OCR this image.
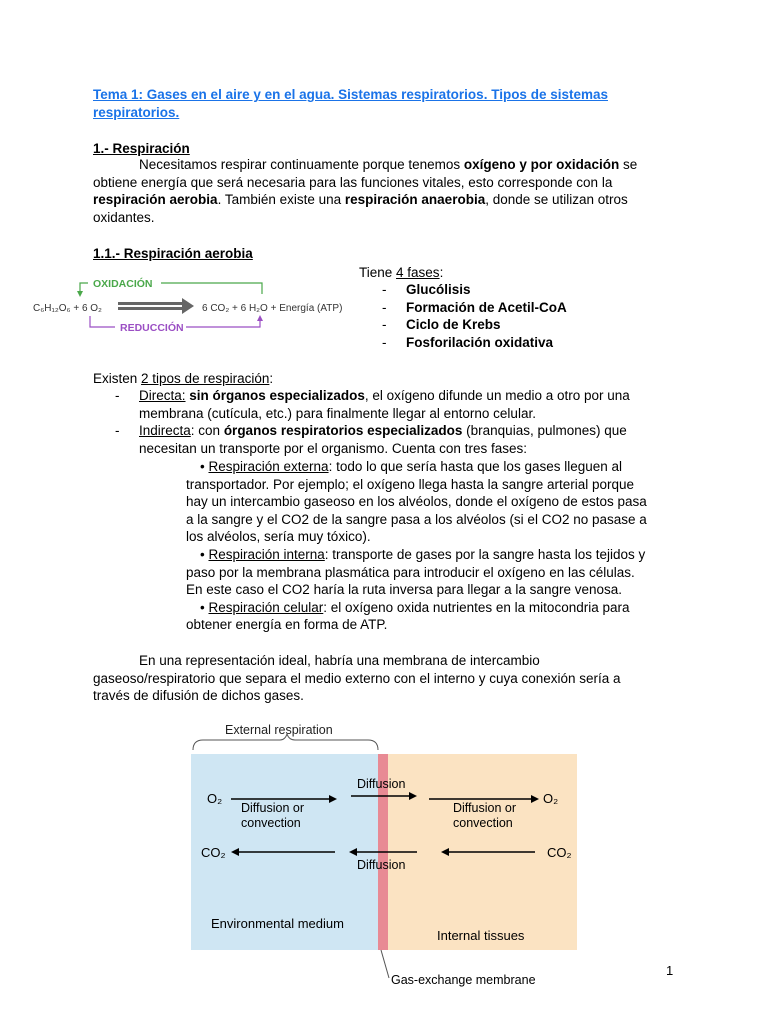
Tema 1: Gases en el aire y en el agua. Sistemas respiratorios. Tipos de sistemas respiratorios.
1.- Respiración
Necesitamos respirar continuamente porque tenemos oxígeno y por oxidación se
obtiene energía que será necesaria para las funciones vitales, esto corresponde con la
respiración aerobia. También existe una respiración anaerobia, donde se utilizan otros
oxidantes.
1.1.- Respiración aerobia
OXIDACIÓN
C₆H₁₂O₆ + 6 O₂	6 CO₂ + 6 H₂O + Energía (ATP)
REDUCCIÓN
Tiene 4 fases:
- Glucólisis
- Formación de Acetil-CoA
- Ciclo de Krebs
- Fosforilación oxidativa
Existen 2 tipos de respiración:
-	Directa: sin órganos especializados, el oxígeno difunde un medio a otro por una
membrana (cutícula, etc.) para finalmente llegar al entorno celular.
-	Indirecta: con órganos respiratorios especializados (branquias, pulmones) que
necesitan un transporte por el organismo. Cuenta con tres fases:
• Respiración externa: todo lo que sería hasta que los gases lleguen al
transportador. Por ejemplo; el oxígeno llega hasta la sangre arterial porque
hay un intercambio gaseoso en los alvéolos, donde el oxígeno de estos pasa
a la sangre y el CO2 de la sangre pasa a los alvéolos (si el CO2 no pasase a
los alvéolos, sería muy tóxico).
• Respiración interna: transporte de gases por la sangre hasta los tejidos y
paso por la membrana plasmática para introducir el oxígeno en las células.
En este caso el CO2 haría la ruta inversa para llegar a la sangre venosa.
• Respiración celular: el oxígeno oxida nutrientes en la mitocondria para
obtener energía en forma de ATP.
En una representación ideal, habría una membrana de intercambio
gaseoso/respiratorio que separa el medio externo con el interno y cuya conexión sería a
través de difusión de dichos gases.
External respiration
O₂
Diffusion or
convection
Diffusion
Diffusion or
convection
O₂
CO₂
Diffusion
CO₂
Environmental medium
Internal tissues
Gas-exchange membrane
1
